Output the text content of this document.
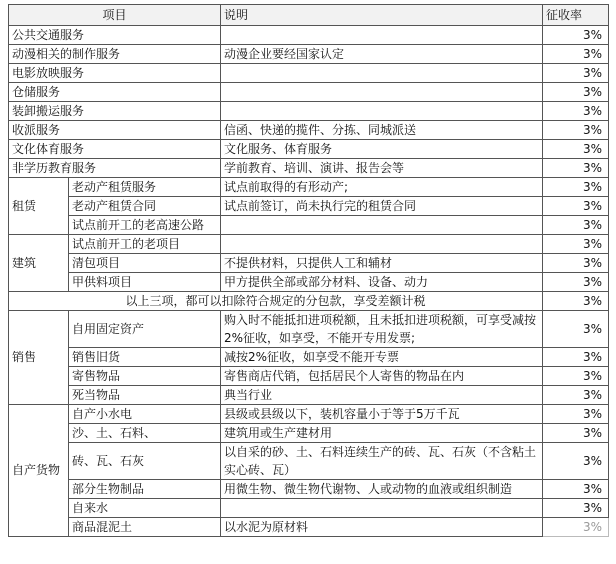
项目		说明	征收率
公共交通服务			3%
动漫相关的制作服务		动漫企业要经国家认定	3%
电影放映服务			3%
仓储服务			3%
装卸搬运服务			3%
收派服务		信函、快递的揽件、分拣、同城派送	3%
文化体育服务		文化服务、体育服务	3%
非学历教育服务		学前教育、培训、演讲、报告会等	3%
租赁	老动产租赁服务	试点前取得的有形动产;	3%
	老动产租赁合同	试点前签订，尚未执行完的租赁合同	3%
	试点前开工的老高速公路		3%
建筑	试点前开工的老项目		3%
	清包项目	不提供材料，只提供人工和辅材	3%
	甲供料项目	甲方提供全部或部分材料、设备、动力	3%
以上三项，都可以扣除符合规定的分包款，享受差额计税			3%
销售	自用固定资产	购入时不能抵扣进项税额，且未抵扣进项税额，可享受减按2%征收，如享受，不能开专用发票;	3%
	销售旧货	减按2%征收，如享受不能开专票	3%
	寄售物品	寄售商店代销，包括居民个人寄售的物品在内	3%
	死当物品	典当行业	3%
自产货物	自产小水电	县级或县级以下，装机容量小于等于5万千瓦	3%
	沙、土、石料、	建筑用或生产建材用	3%
	砖、瓦、石灰	以自采的砂、土、石料连续生产的砖、瓦、石灰（不含粘土实心砖、瓦）	3%
	部分生物制品	用微生物、微生物代谢物、人或动物的血液或组织制造	3%
	自来水		3%
	商品混泥土	以水泥为原材料	3%
